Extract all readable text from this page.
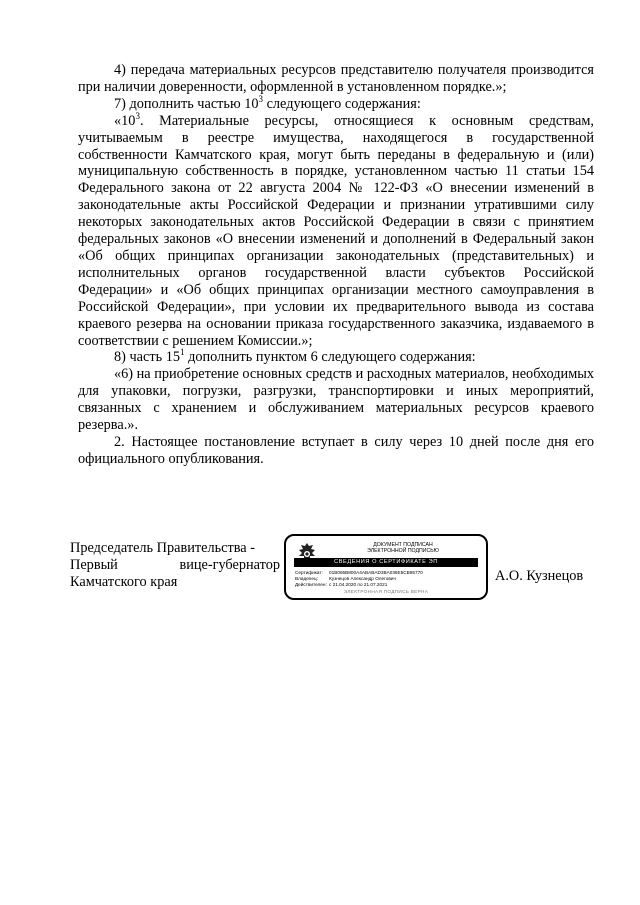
4) передача материальных ресурсов представителю получателя производится при наличии доверенности, оформленной в установленном порядке.»;

7) дополнить частью $10^3$ следующего содержания:

«$10^3$. Материальные ресурсы, относящиеся к основным средствам, учитываемым в реестре имущества, находящегося в государственной собственности Камчатского края, могут быть переданы в федеральную и (или) муниципальную собственность в порядке, установленном частью 11 статьи 154 Федерального закона от 22 августа 2004 № 122-ФЗ «О внесении изменений в законодательные акты Российской Федерации и признании утратившими силу некоторых законодательных актов Российской Федерации в связи с принятием федеральных законов «О внесении изменений и дополнений в Федеральный закон «Об общих принципах организации законодательных (представительных) и исполнительных органов государственной власти субъектов Российской Федерации» и «Об общих принципах организации местного самоуправления в Российской Федерации», при условии их предварительного вывода из состава краевого резерва на основании приказа государственного заказчика, издаваемого в соответствии с решением Комиссии.»;

8) часть $15^1$ дополнить пунктом 6 следующего содержания:

«6) на приобретение основных средств и расходных материалов, необходимых для упаковки, погрузки, разгрузки, транспортировки и иных мероприятий, связанных с хранением и обслуживанием материальных ресурсов краевого резерва.».

2. Настоящее постановление вступает в силу через 10 дней после дня его официального опубликования.

Председатель Правительства -
Первый	вице-губернатор
Камчатского края
ДОКУМЕНТ ПОДПИСАН
ЭЛЕКТРОННОЙ ПОДПИСЬЮ
СВЕДЕНИЯ О СЕРТИФИКАТЕ ЭП
Сертификат:	01B065B800A4ABABAD3BA036E5CB95770
Владелец:	Кузнецов Александр Олегович
Действителен: с 21.04.2020 по 21.07.2021
ЭЛЕКТРОННАЯ ПОДПИСЬ ВЕРНА
А.О. Кузнецов
